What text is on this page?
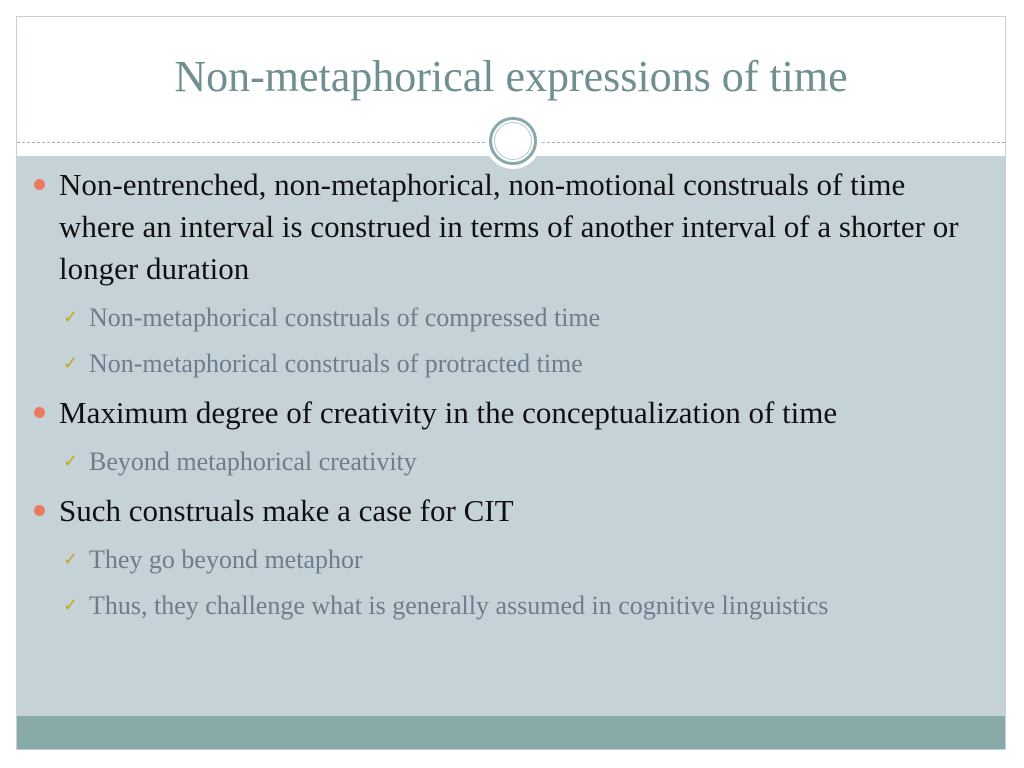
Non-metaphorical expressions of time
Non-entrenched, non-metaphorical, non-motional construals of time where an interval is construed in terms of another interval of a shorter or longer duration
✓ Non-metaphorical construals of compressed time
✓ Non-metaphorical construals of protracted time
Maximum degree of creativity in the conceptualization of time
✓ Beyond metaphorical creativity
Such construals make a case for CIT
✓ They go beyond metaphor
✓ Thus, they challenge what is generally assumed in cognitive linguistics
